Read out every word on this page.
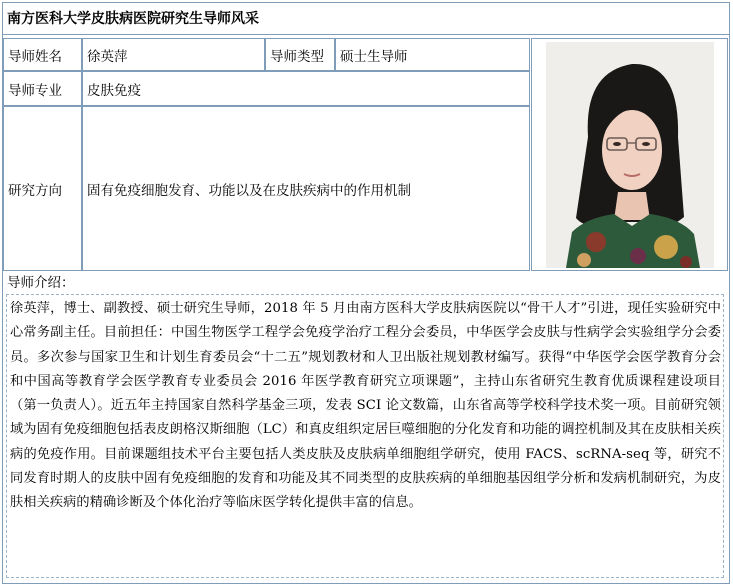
南方医科大学皮肤病医院研究生导师风采
导师姓名	徐英萍	导师类型	硕士生导师
导师专业	皮肤免疫
研究方向	固有免疫细胞发育、功能以及在皮肤疾病中的作用机制
导师介绍：

徐英萍，博士、副教授、硕士研究生导师，2018 年 5 月由南方医科大学皮肤病医院以“骨干人才”引进，现任实验研究中心常务副主任。目前担任：中国生物医学工程学会免疫学治疗工程分会委员，中华医学会皮肤与性病学会实验组学分会委员。多次参与国家卫生和计划生育委员会“十二五”规划教材和人卫出版社规划教材编写。获得“中华医学会医学教育分会和中国高等教育学会医学教育专业委员会 2016 年医学教育研究立项课题”，主持山东省研究生教育优质课程建设项目（第一负责人）。近五年主持国家自然科学基金三项，发表 SCI 论文数篇，山东省高等学校科学技术奖一项。目前研究领域为固有免疫细胞包括表皮朗格汉斯细胞（LC）和真皮组织定居巨噬细胞的分化发育和功能的调控机制及其在皮肤相关疾病的免疫作用。目前课题组技术平台主要包括人类皮肤及皮肤病单细胞组学研究，使用 FACS、scRNA-seq 等，研究不同发育时期人的皮肤中固有免疫细胞的发育和功能及其不同类型的皮肤疾病的单细胞基因组学分析和发病机制研究，为皮肤相关疾病的精确诊断及个体化治疗等临床医学转化提供丰富的信息。
